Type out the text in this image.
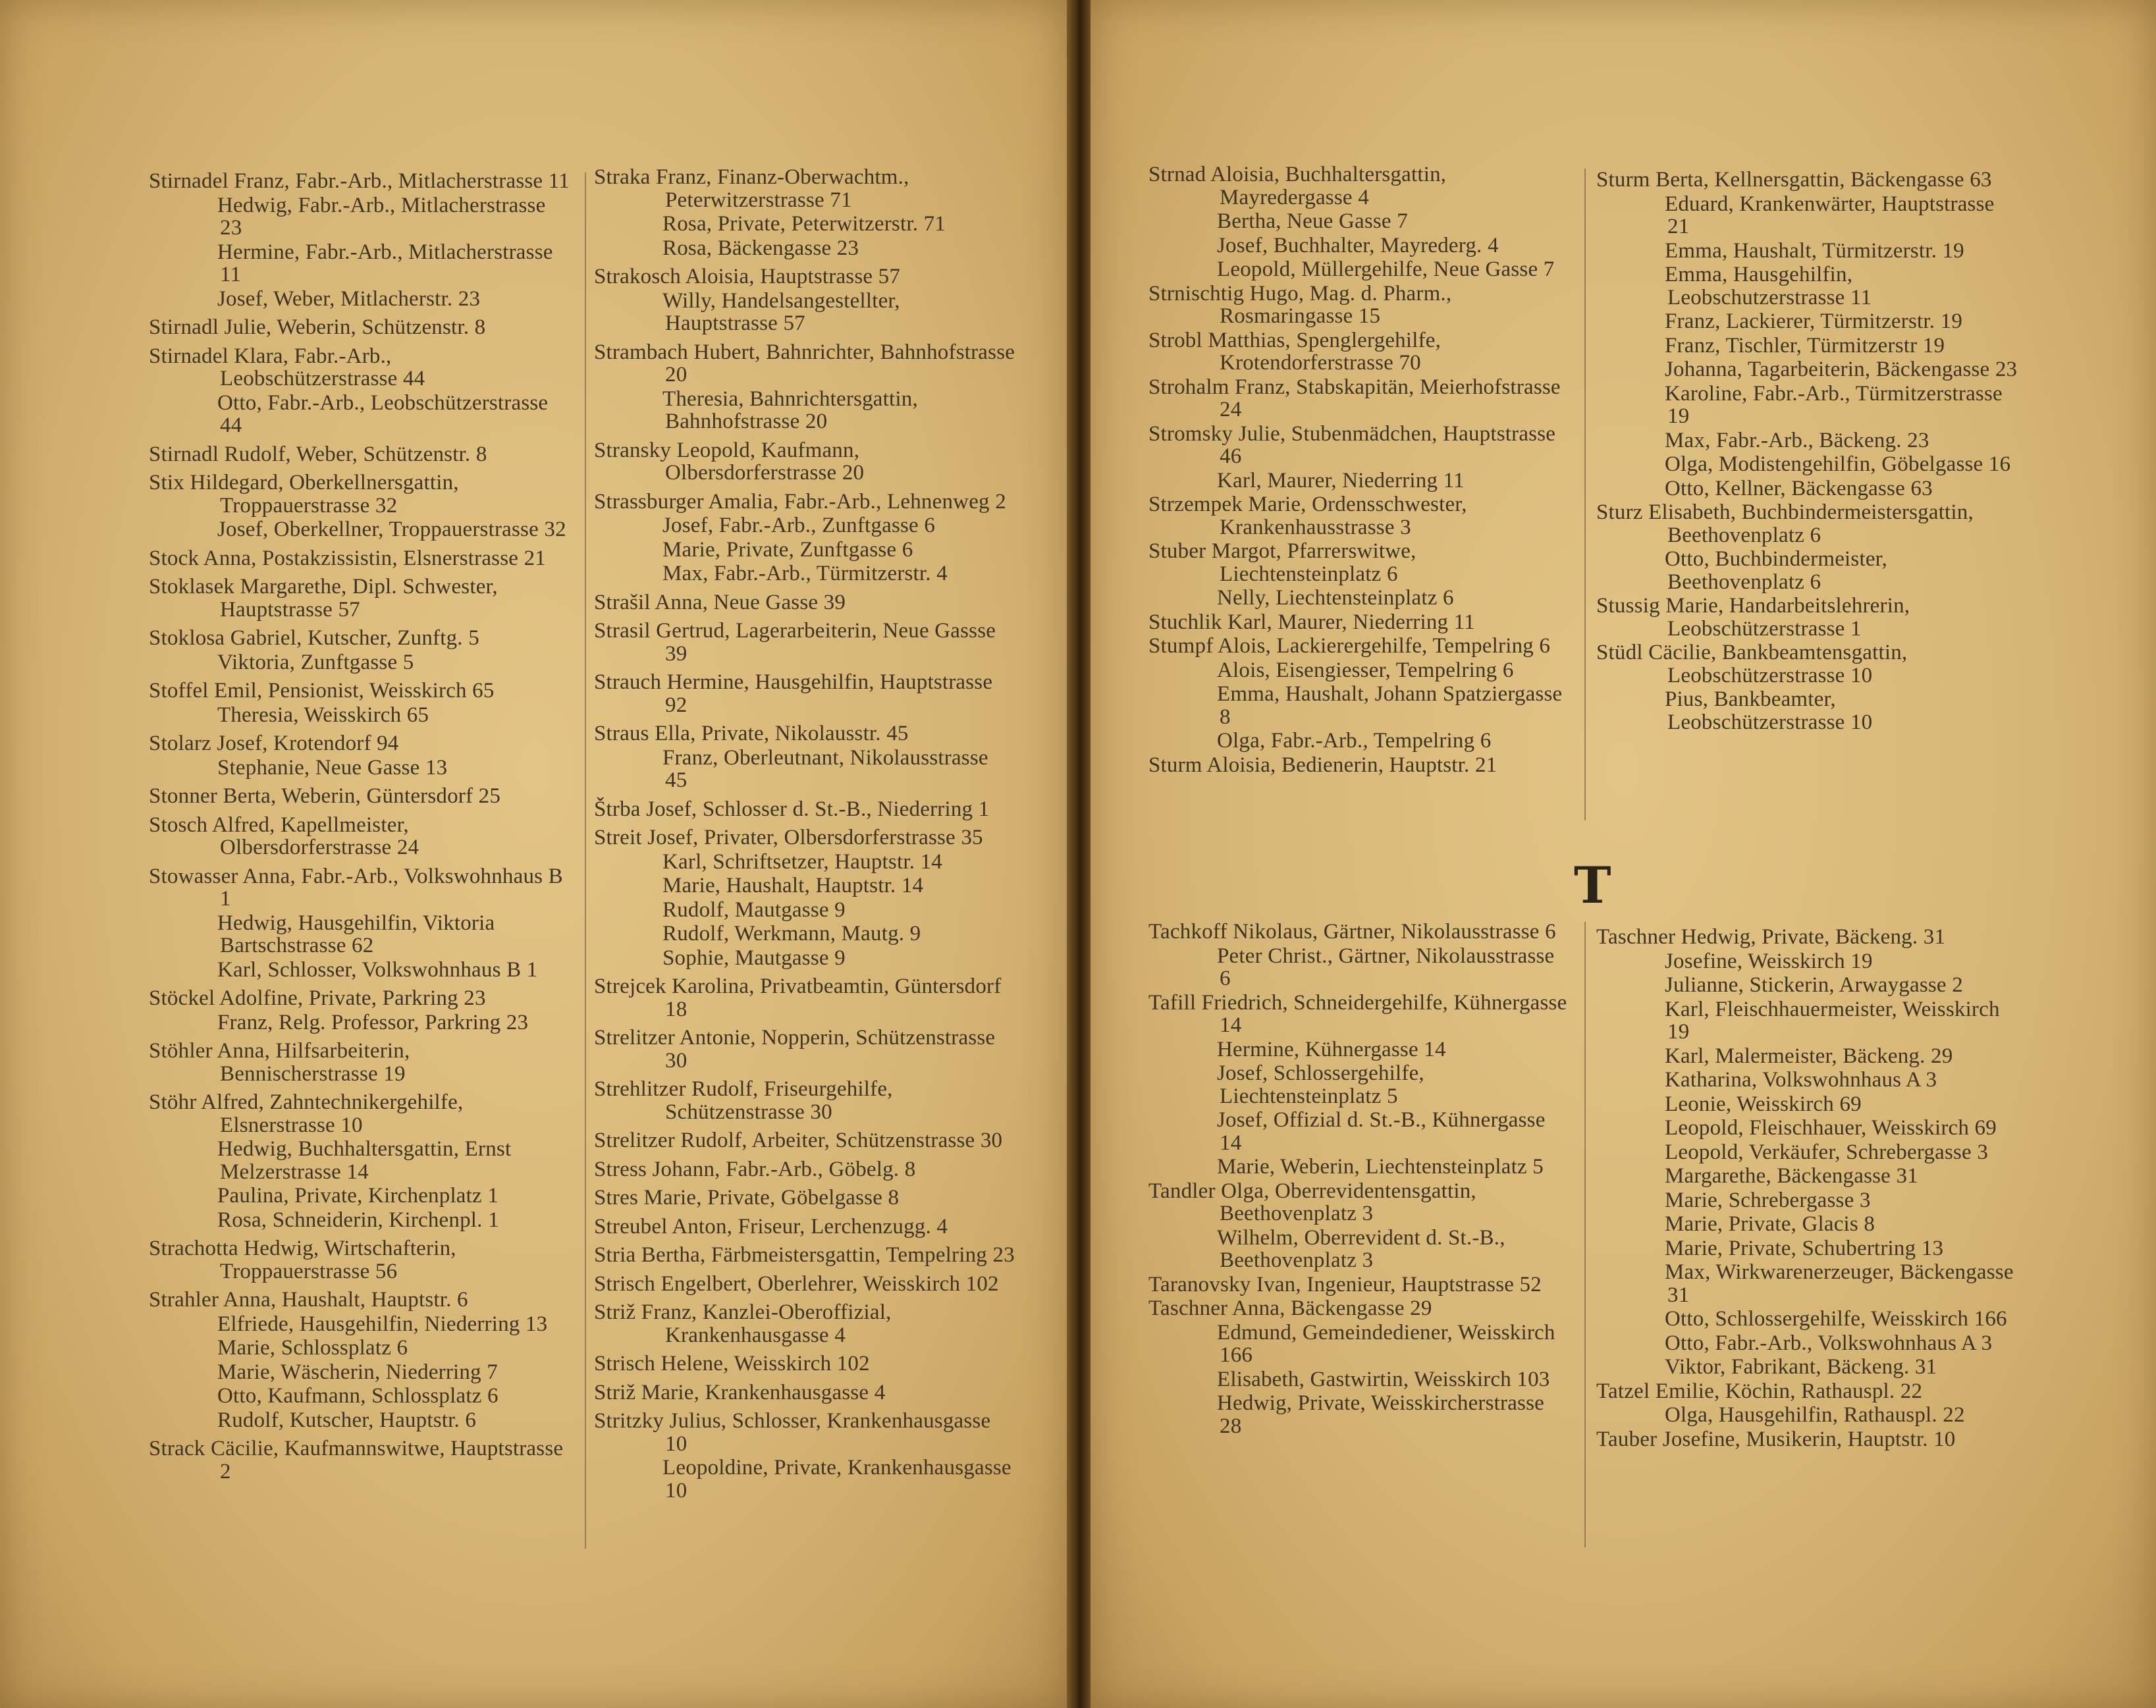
Stirnadel Franz, Fabr.-Arb., Mitlacherstrasse 11
Hedwig, Fabr.-Arb., Mitlacherstrasse 23
Hermine, Fabr.-Arb., Mitlacherstrasse 11
Josef, Weber, Mitlacherstr. 23
Stirnadl Julie, Weberin, Schützenstr. 8
Stirnadel Klara, Fabr.-Arb., Leobschützerstrasse 44
Otto, Fabr.-Arb., Leobschützerstrasse 44
Stirnadl Rudolf, Weber, Schützenstr. 8
Stix Hildegard, Oberkellnersgattin, Troppauerstrasse 32
Josef, Oberkellner, Troppauerstrasse 32
Stock Anna, Postakzissistin, Elsnerstrasse 21
Stoklasek Margarethe, Dipl. Schwester, Hauptstrasse 57
Stoklosa Gabriel, Kutscher, Zunftg. 5
Viktoria, Zunftgasse 5
Stoffel Emil, Pensionist, Weisskirch 65
Theresia, Weisskirch 65
Stolarz Josef, Krotendorf 94
Stephanie, Neue Gasse 13
Stonner Berta, Weberin, Güntersdorf 25
Stosch Alfred, Kapellmeister, Olbersdorferstrasse 24
Stowasser Anna, Fabr.-Arb., Volkswohnhaus B 1
Hedwig, Hausgehilfin, Viktoria Bartschstrasse 62
Karl, Schlosser, Volkswohnhaus B 1
Stöckel Adolfine, Private, Parkring 23
Franz, Relg. Professor, Parkring 23
Stöhler Anna, Hilfsarbeiterin, Bennischerstrasse 19
Stöhr Alfred, Zahntechnikergehilfe, Elsnerstrasse 10
Hedwig, Buchhaltersgattin, Ernst Melzerstrasse 14
Paulina, Private, Kirchenplatz 1
Rosa, Schneiderin, Kirchenpl. 1
Strachotta Hedwig, Wirtschafterin, Troppauerstrasse 56
Strahler Anna, Haushalt, Hauptstr. 6
Elfriede, Hausgehilfin, Niederring 13
Marie, Schlossplatz 6
Marie, Wäscherin, Niederring 7
Otto, Kaufmann, Schlossplatz 6
Rudolf, Kutscher, Hauptstr. 6
Strack Cäcilie, Kaufmannswitwe, Hauptstrasse 2
Straka Franz, Finanz-Oberwachtm., Peterwitzerstrasse 71
Rosa, Private, Peterwitzerstr. 71
Rosa, Bäckengasse 23
Strakosch Aloisia, Hauptstrasse 57
Willy, Handelsangestellter, Hauptstrasse 57
Strambach Hubert, Bahnrichter, Bahnhofstrasse 20
Theresia, Bahnrichtersgattin, Bahnhofstrasse 20
Stransky Leopold, Kaufmann, Olbersdorferstrasse 20
Strassburger Amalia, Fabr.-Arb., Lehnenweg 2
Josef, Fabr.-Arb., Zunftgasse 6
Marie, Private, Zunftgasse 6
Max, Fabr.-Arb., Türmitzerstr. 4
Strašil Anna, Neue Gasse 39
Strasil Gertrud, Lagerarbeiterin, Neue Gassse 39
Strauch Hermine, Hausgehilfin, Hauptstrasse 92
Straus Ella, Private, Nikolausstr. 45
Franz, Oberleutnant, Nikolausstrasse 45
Štrba Josef, Schlosser d. St.-B., Niederring 1
Streit Josef, Privater, Olbersdorferstrasse 35
Karl, Schriftsetzer, Hauptstr. 14
Marie, Haushalt, Hauptstr. 14
Rudolf, Mautgasse 9
Rudolf, Werkmann, Mautg. 9
Sophie, Mautgasse 9
Strejcek Karolina, Privatbeamtin, Güntersdorf 18
Strelitzer Antonie, Nopperin, Schützenstrasse 30
Strehlitzer Rudolf, Friseurgehilfe, Schützenstrasse 30
Strelitzer Rudolf, Arbeiter, Schützenstrasse 30
Stress Johann, Fabr.-Arb., Göbelg. 8
Stres Marie, Private, Göbelgasse 8
Streubel Anton, Friseur, Lerchenzugg. 4
Stria Bertha, Färbmeistersgattin, Tempelring 23
Strisch Engelbert, Oberlehrer, Weisskirch 102
Striž Franz, Kanzlei-Oberoffizial, Krankenhausgasse 4
Strisch Helene, Weisskirch 102
Striž Marie, Krankenhausgasse 4
Stritzky Julius, Schlosser, Krankenhausgasse 10
Leopoldine, Private, Krankenhausgasse 10
Strnad Aloisia, Buchhaltersgattin, Mayredergasse 4
Bertha, Neue Gasse 7
Josef, Buchhalter, Mayrederg. 4
Leopold, Müllergehilfe, Neue Gasse 7
Strnischtig Hugo, Mag. d. Pharm., Rosmaringasse 15
Strobl Matthias, Spenglergehilfe, Krotendorferstrasse 70
Strohalm Franz, Stabskapitän, Meierhofstrasse 24
Stromsky Julie, Stubenmädchen, Hauptstrasse 46
Karl, Maurer, Niederring 11
Strzempek Marie, Ordensschwester, Krankenhausstrasse 3
Stuber Margot, Pfarrerswitwe, Liechtensteinplatz 6
Nelly, Liechtensteinplatz 6
Stuchlik Karl, Maurer, Niederring 11
Stumpf Alois, Lackierergehilfe, Tempelring 6
Alois, Eisengiesser, Tempelring 6
Emma, Haushalt, Johann Spatziergasse 8
Olga, Fabr.-Arb., Tempelring 6
Sturm Aloisia, Bedienerin, Hauptstr. 21
Sturm Berta, Kellnersgattin, Bäckengasse 63
Eduard, Krankenwärter, Hauptstrasse 21
Emma, Haushalt, Türmitzerstr. 19
Emma, Hausgehilfin, Leobschutzerstrasse 11
Franz, Lackierer, Türmitzerstr. 19
Franz, Tischler, Türmitzerstr 19
Johanna, Tagarbeiterin, Bäckengasse 23
Karoline, Fabr.-Arb., Türmitzerstrasse 19
Max, Fabr.-Arb., Bäckeng. 23
Olga, Modistengehilfin, Göbelgasse 16
Otto, Kellner, Bäckengasse 63
Sturz Elisabeth, Buchbindermeistersgattin, Beethovenplatz 6
Otto, Buchbindermeister, Beethovenplatz 6
Stussig Marie, Handarbeitslehrerin, Leobschützerstrasse 1
Stüdl Cäcilie, Bankbeamtensgattin, Leobschützerstrasse 10
Pius, Bankbeamter, Leobschützerstrasse 10
T
Tachkoff Nikolaus, Gärtner, Nikolausstrasse 6
Peter Christ., Gärtner, Nikolausstrasse 6
Tafill Friedrich, Schneidergehilfe, Kühnergasse 14
Hermine, Kühnergasse 14
Josef, Schlossergehilfe, Liechtensteinplatz 5
Josef, Offizial d. St.-B., Kühnergasse 14
Marie, Weberin, Liechtensteinplatz 5
Tandler Olga, Oberrevidentensgattin, Beethovenplatz 3
Wilhelm, Oberrevident d. St.-B., Beethovenplatz 3
Taranovsky Ivan, Ingenieur, Hauptstrasse 52
Taschner Anna, Bäckengasse 29
Edmund, Gemeindediener, Weisskirch 166
Elisabeth, Gastwirtin, Weisskirch 103
Hedwig, Private, Weisskircherstrasse 28
Taschner Hedwig, Private, Bäckeng. 31
Josefine, Weisskirch 19
Julianne, Stickerin, Arwaygasse 2
Karl, Fleischhauermeister, Weisskirch 19
Karl, Malermeister, Bäckeng. 29
Katharina, Volkswohnhaus A 3
Leonie, Weisskirch 69
Leopold, Fleischhauer, Weisskirch 69
Leopold, Verkäufer, Schrebergasse 3
Margarethe, Bäckengasse 31
Marie, Schrebergasse 3
Marie, Private, Glacis 8
Marie, Private, Schubertring 13
Max, Wirkwarenerzeuger, Bäckengasse 31
Otto, Schlossergehilfe, Weisskirch 166
Otto, Fabr.-Arb., Volkswohnhaus A 3
Viktor, Fabrikant, Bäckeng. 31
Tatzel Emilie, Köchin, Rathauspl. 22
Olga, Hausgehilfin, Rathauspl. 22
Tauber Josefine, Musikerin, Hauptstr. 10
